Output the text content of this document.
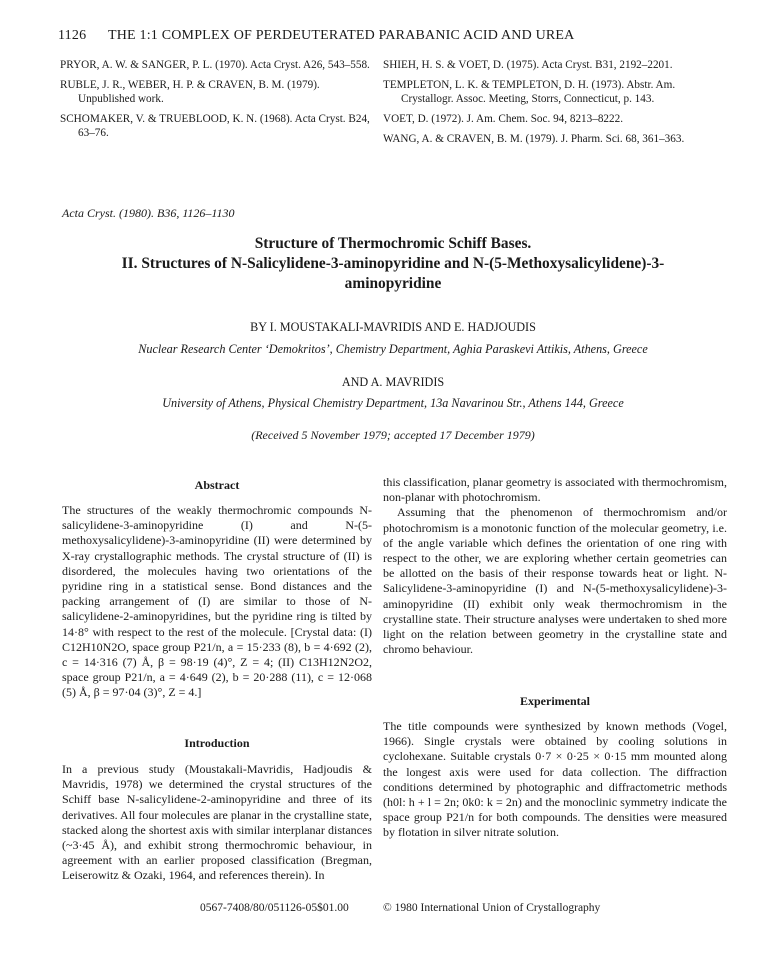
1126 THE 1:1 COMPLEX OF PERDEUTERATED PARABANIC ACID AND UREA

PRYOR, A. W. & SANGER, P. L. (1970). Acta Cryst. A26, 543–558.

RUBLE, J. R., WEBER, H. P. & CRAVEN, B. M. (1979). Unpublished work.

SCHOMAKER, V. & TRUEBLOOD, K. N. (1968). Acta Cryst. B24, 63–76.

SHIEH, H. S. & VOET, D. (1975). Acta Cryst. B31, 2192–2201.

TEMPLETON, L. K. & TEMPLETON, D. H. (1973). Abstr. Am. Crystallogr. Assoc. Meeting, Storrs, Connecticut, p. 143.

VOET, D. (1972). J. Am. Chem. Soc. 94, 8213–8222.

WANG, A. & CRAVEN, B. M. (1979). J. Pharm. Sci. 68, 361–363.

Acta Cryst. (1980). B36, 1126–1130
Structure of Thermochromic Schiff Bases.
II. Structures of N-Salicylidene-3-aminopyridine and N-(5-Methoxysalicylidene)-3-
aminopyridine
BY I. MOUSTAKALI-MAVRIDIS AND E. HADJOUDIS
Nuclear Research Center ‘Demokritos’, Chemistry Department, Aghia Paraskevi Attikis, Athens, Greece
AND A. MAVRIDIS
University of Athens, Physical Chemistry Department, 13a Navarinou Str., Athens 144, Greece
(Received 5 November 1979; accepted 17 December 1979)
Abstract

The structures of the weakly thermochromic compounds N-salicylidene-3-aminopyridine (I) and N-(5-methoxysalicylidene)-3-aminopyridine (II) were determined by X-ray crystallographic methods. The crystal structure of (II) is disordered, the molecules having two orientations of the pyridine ring in a statistical sense. Bond distances and the packing arrangement of (I) are similar to those of N-salicylidene-2-aminopyridines, but the pyridine ring is tilted by 14·8° with respect to the rest of the molecule. [Crystal data: (I) C12H10N2O, space group P21/n, a = 15·233 (8), b = 4·692 (2), c = 14·316 (7) Å, β = 98·19 (4)°, Z = 4; (II) C13H12N2O2, space group P21/n, a = 4·649 (2), b = 20·288 (11), c = 12·068 (5) Å, β = 97·04 (3)°, Z = 4.]

Introduction

In a previous study (Moustakali-Mavridis, Hadjoudis & Mavridis, 1978) we determined the crystal structures of the Schiff base N-salicylidene-2-aminopyridine and three of its derivatives. All four molecules are planar in the crystalline state, stacked along the shortest axis with similar interplanar distances (~3·45 Å), and exhibit strong thermochromic behaviour, in agreement with an earlier proposed classification (Bregman, Leiserowitz & Ozaki, 1964, and references therein). In

this classification, planar geometry is associated with thermochromism, non-planar with photochromism.

Assuming that the phenomenon of thermochromism and/or photochromism is a monotonic function of the molecular geometry, i.e. of the angle variable which defines the orientation of one ring with respect to the other, we are exploring whether certain geometries can be allotted on the basis of their response towards heat or light. N-Salicylidene-3-aminopyridine (I) and N-(5-methoxysalicylidene)-3-aminopyridine (II) exhibit only weak thermochromism in the crystalline state. Their structure analyses were undertaken to shed more light on the relation between geometry in the crystalline state and chromo behaviour.

Experimental

The title compounds were synthesized by known methods (Vogel, 1966). Single crystals were obtained by cooling solutions in cyclohexane. Suitable crystals 0·7 × 0·25 × 0·15 mm mounted along the longest axis were used for data collection. The diffraction conditions determined by photographic and diffractometric methods (h0l: h + l = 2n; 0k0: k = 2n) and the monoclinic symmetry indicate the space group P21/n for both compounds. The densities were measured by flotation in silver nitrate solution.

0567-7408/80/051126-05$01.00	© 1980 International Union of Crystallography
